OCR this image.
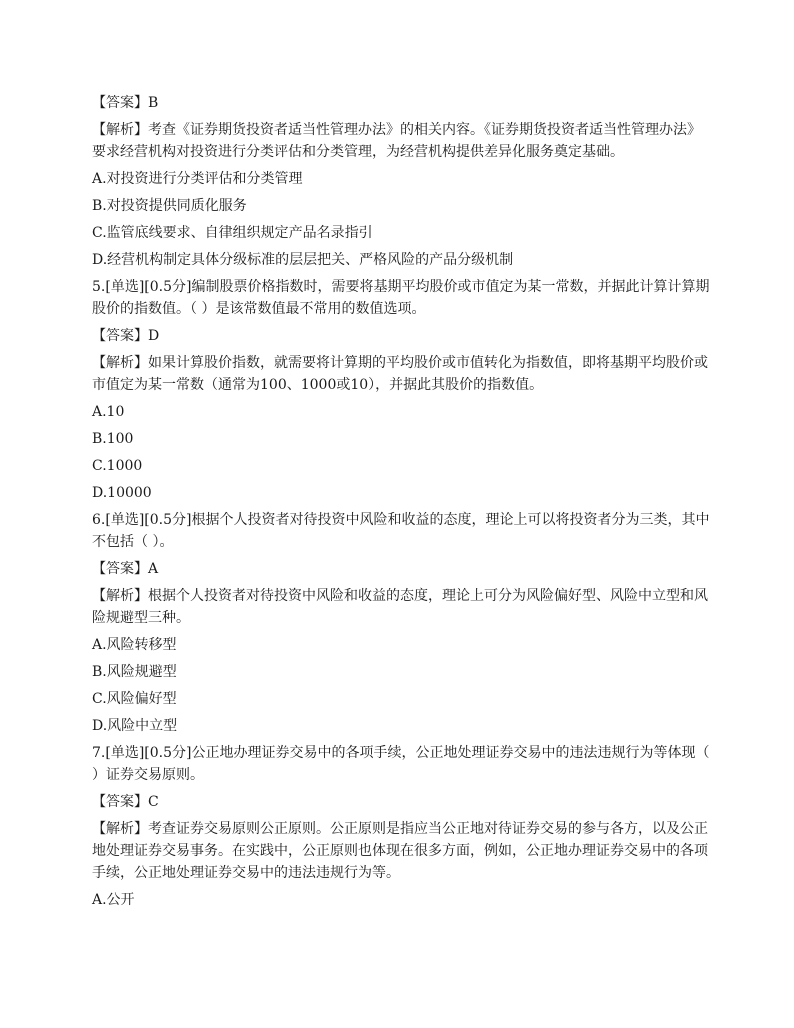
【答案】B
【解析】考查《证券期货投资者适当性管理办法》的相关内容。《证券期货投资者适当性管理办法》要求经营机构对投资进行分类评估和分类管理，为经营机构提供差异化服务奠定基础。
A.对投资进行分类评估和分类管理
B.对投资提供同质化服务
C.监管底线要求、自律组织规定产品名录指引
D.经营机构制定具体分级标准的层层把关、严格风险的产品分级机制
5.[单选][0.5分]编制股票价格指数时，需要将基期平均股价或市值定为某一常数，并据此计算计算期股价的指数值。（ ）是该常数值最不常用的数值选项。
【答案】D
【解析】如果计算股价指数，就需要将计算期的平均股价或市值转化为指数值，即将基期平均股价或市值定为某一常数（通常为100、1000或10），并据此其股价的指数值。
A.10
B.100
C.1000
D.10000
6.[单选][0.5分]根据个人投资者对待投资中风险和收益的态度，理论上可以将投资者分为三类，其中不包括（ ）。
【答案】A
【解析】根据个人投资者对待投资中风险和收益的态度，理论上可分为风险偏好型、风险中立型和风险规避型三种。
A.风险转移型
B.风险规避型
C.风险偏好型
D.风险中立型
7.[单选][0.5分]公正地办理证券交易中的各项手续，公正地处理证券交易中的违法违规行为等体现（ ）证券交易原则。
【答案】C
【解析】考查证券交易原则公正原则。公正原则是指应当公正地对待证券交易的参与各方，以及公正地处理证券交易事务。在实践中，公正原则也体现在很多方面，例如，公正地办理证券交易中的各项手续，公正地处理证券交易中的违法违规行为等。
A.公开
